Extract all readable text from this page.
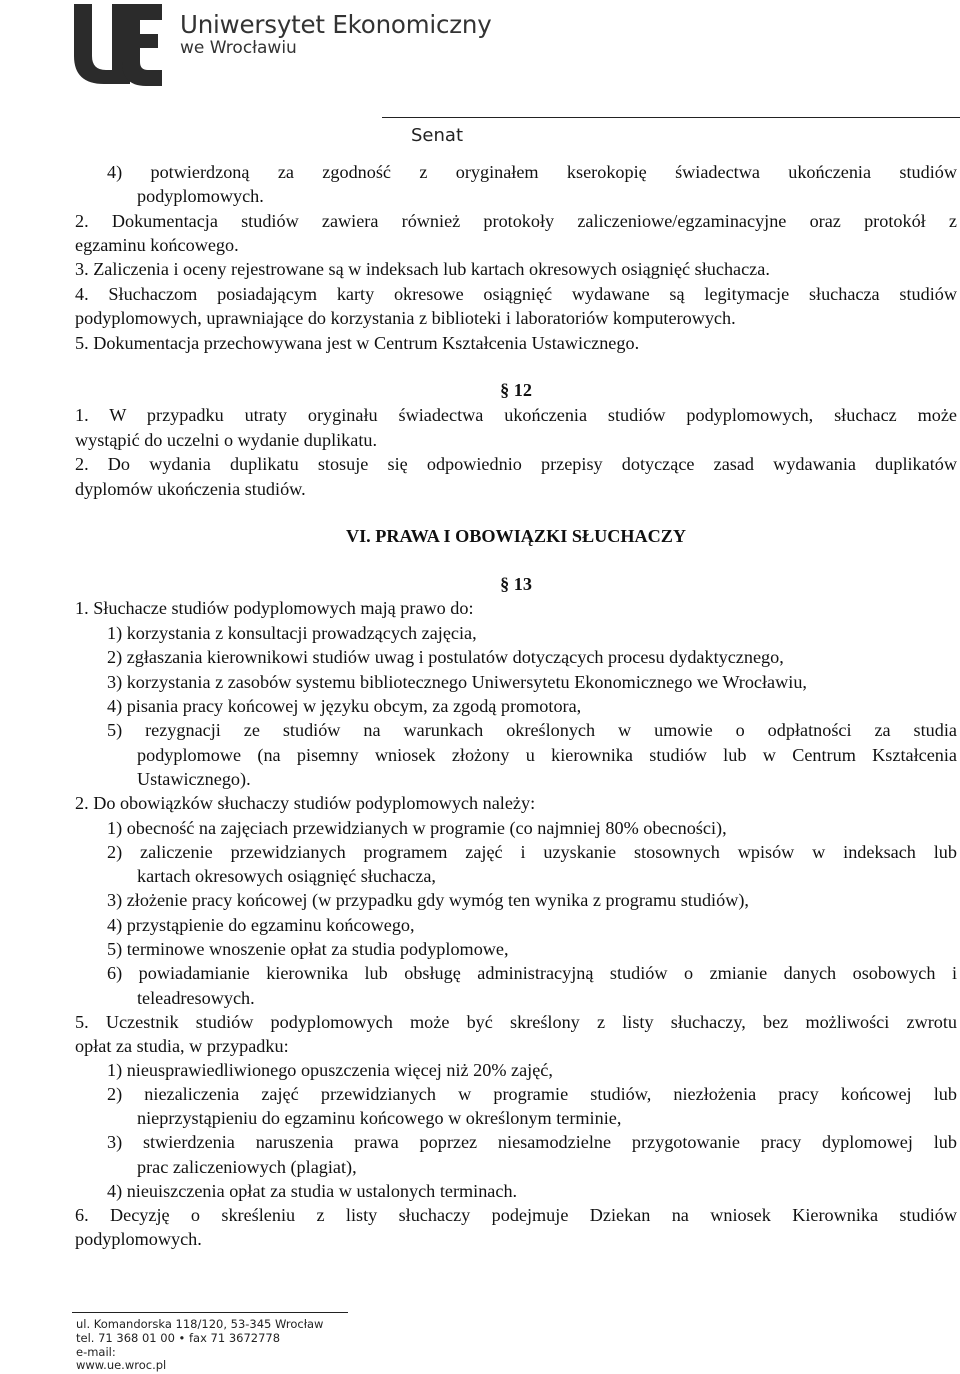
Uniwersytet Ekonomiczny
we Wrocławiu
Senat
4) potwierdzoną za zgodność z oryginałem kserokopię świadectwa ukończenia studiów
podyplomowych.
2. Dokumentacja studiów zawiera również protokoły zaliczeniowe/egzaminacyjne oraz protokół z
egzaminu końcowego.
3. Zaliczenia i oceny rejestrowane są w indeksach lub kartach okresowych osiągnięć słuchacza.
4. Słuchaczom posiadającym karty okresowe osiągnięć wydawane są legitymacje słuchacza studiów
podyplomowych, uprawniające do korzystania z biblioteki i laboratoriów komputerowych.
5. Dokumentacja przechowywana jest w Centrum Kształcenia Ustawicznego.
§ 12
1. W przypadku utraty oryginału świadectwa ukończenia studiów podyplomowych, słuchacz może
wystąpić do uczelni o wydanie duplikatu.
2. Do wydania duplikatu stosuje się odpowiednio przepisy dotyczące zasad wydawania duplikatów
dyplomów ukończenia studiów.
VI. PRAWA I OBOWIĄZKI SŁUCHACZY
§ 13
1. Słuchacze studiów podyplomowych mają prawo do:
1) korzystania z konsultacji prowadzących zajęcia,
2) zgłaszania kierownikowi studiów uwag i postulatów dotyczących procesu dydaktycznego,
3) korzystania z zasobów systemu bibliotecznego Uniwersytetu Ekonomicznego we Wrocławiu,
4) pisania pracy końcowej w języku obcym, za zgodą promotora,
5) rezygnacji ze studiów na warunkach określonych w umowie o odpłatności za studia
podyplomowe (na pisemny wniosek złożony u kierownika studiów lub w Centrum Kształcenia
Ustawicznego).
2. Do obowiązków słuchaczy studiów podyplomowych należy:
1) obecność na zajęciach przewidzianych w programie (co najmniej 80% obecności),
2) zaliczenie przewidzianych programem zajęć i uzyskanie stosownych wpisów w indeksach lub
kartach okresowych osiągnięć słuchacza,
3) złożenie pracy końcowej (w przypadku gdy wymóg ten wynika z programu studiów),
4) przystąpienie do egzaminu końcowego,
5) terminowe wnoszenie opłat za studia podyplomowe,
6) powiadamianie kierownika lub obsługę administracyjną studiów o zmianie danych osobowych i
teleadresowych.
5. Uczestnik studiów podyplomowych może być skreślony z listy słuchaczy, bez możliwości zwrotu
opłat za studia, w przypadku:
1) nieusprawiedliwionego opuszczenia więcej niż 20% zajęć,
2) niezaliczenia zajęć przewidzianych w programie studiów, niezłożenia pracy końcowej lub
nieprzystąpieniu do egzaminu końcowego w określonym terminie,
3) stwierdzenia naruszenia prawa poprzez niesamodzielne przygotowanie pracy dyplomowej lub
prac zaliczeniowych (plagiat),
4) nieuiszczenia opłat za studia w ustalonych terminach.
6. Decyzję o skreśleniu z listy słuchaczy podejmuje Dziekan na wniosek Kierownika studiów
podyplomowych.
ul. Komandorska 118/120, 53-345 Wrocław
tel. 71 368 01 00 • fax 71 3672778
e-mail:
www.ue.wroc.pl
